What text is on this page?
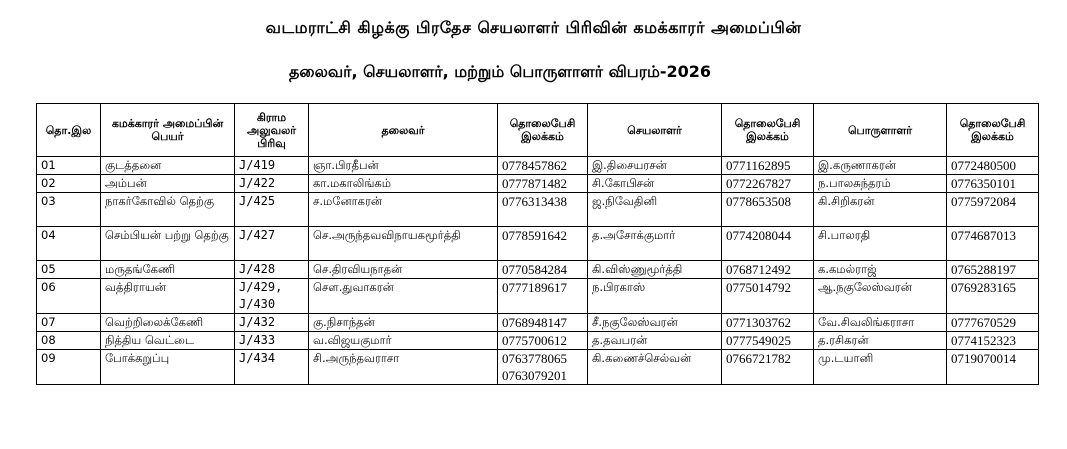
வடமராட்சி கிழக்கு பிரதேச செயலாளர் பிரிவின் கமக்காரர் அமைப்பின்
தலைவர், செயலாளர், மற்றும் பொருளாளர் விபரம்-2026
தொ.இல	கமக்காரர் அமைப்பின் பெயர்	கிராம அலுவலர் பிரிவு	தலைவர்	தொலைபேசி இலக்கம்	செயலாளர்	தொலைபேசி இலக்கம்	பொருளாளர்	தொலைபேசி இலக்கம்
01	குடத்தனை	J/419	ஞா.பிரதீபன்	0778457862	இ.திசையரசன்	0771162895	இ.கருணாகரன்	0772480500
02	அம்பன்	J/422	கா.மகாலிங்கம்	0777871482	சி.கோபிசன்	0772267827	ந.பாலசுந்தரம்	0776350101
03	நாகர்கோவில் தெற்கு	J/425	ச.மனோகரன்	0776313438	ஜ.நிவேதினி	0778653508	கி.சிறிகரன்	0775972084
04	செம்பியன் பற்று தெற்கு	J/427	செ.அருந்தவவிநாயகமூர்த்தி	0778591642	த.அசோக்குமார்	0774208044	சி.பாலரதி	0774687013
05	மருதங்கேணி	J/428	செ.திரவியநாதன்	0770584284	கி.விஸ்ணுமூர்த்தி	0768712492	க.கமல்ராஜ்	0765288197
06	வத்திராயன்	J/429, J/430	சௌ.துவாகரன்	0777189617	ந.பிரகாஸ்	0775014792	ஆ.நகுலேஸ்வரன்	0769283165
07	வெற்றிலைக்கேணி	J/432	கு.நிசாந்தன்	0768948147	சீ.நகுலேஸ்வரன்	0771303762	வே.சிவலிங்கராசா	0777670529
08	நித்திய வெட்டை	J/433	வ.விஜயகுமார்	0775700612	த.தவபரன்	0777549025	த.ரசிகரன்	0774152323
09	போக்கறுப்பு	J/434	சி.அருந்தவராசா	0763778065 0763079201	கி.கணைச்செல்வன்	0766721782	மு.டயானி	0719070014
